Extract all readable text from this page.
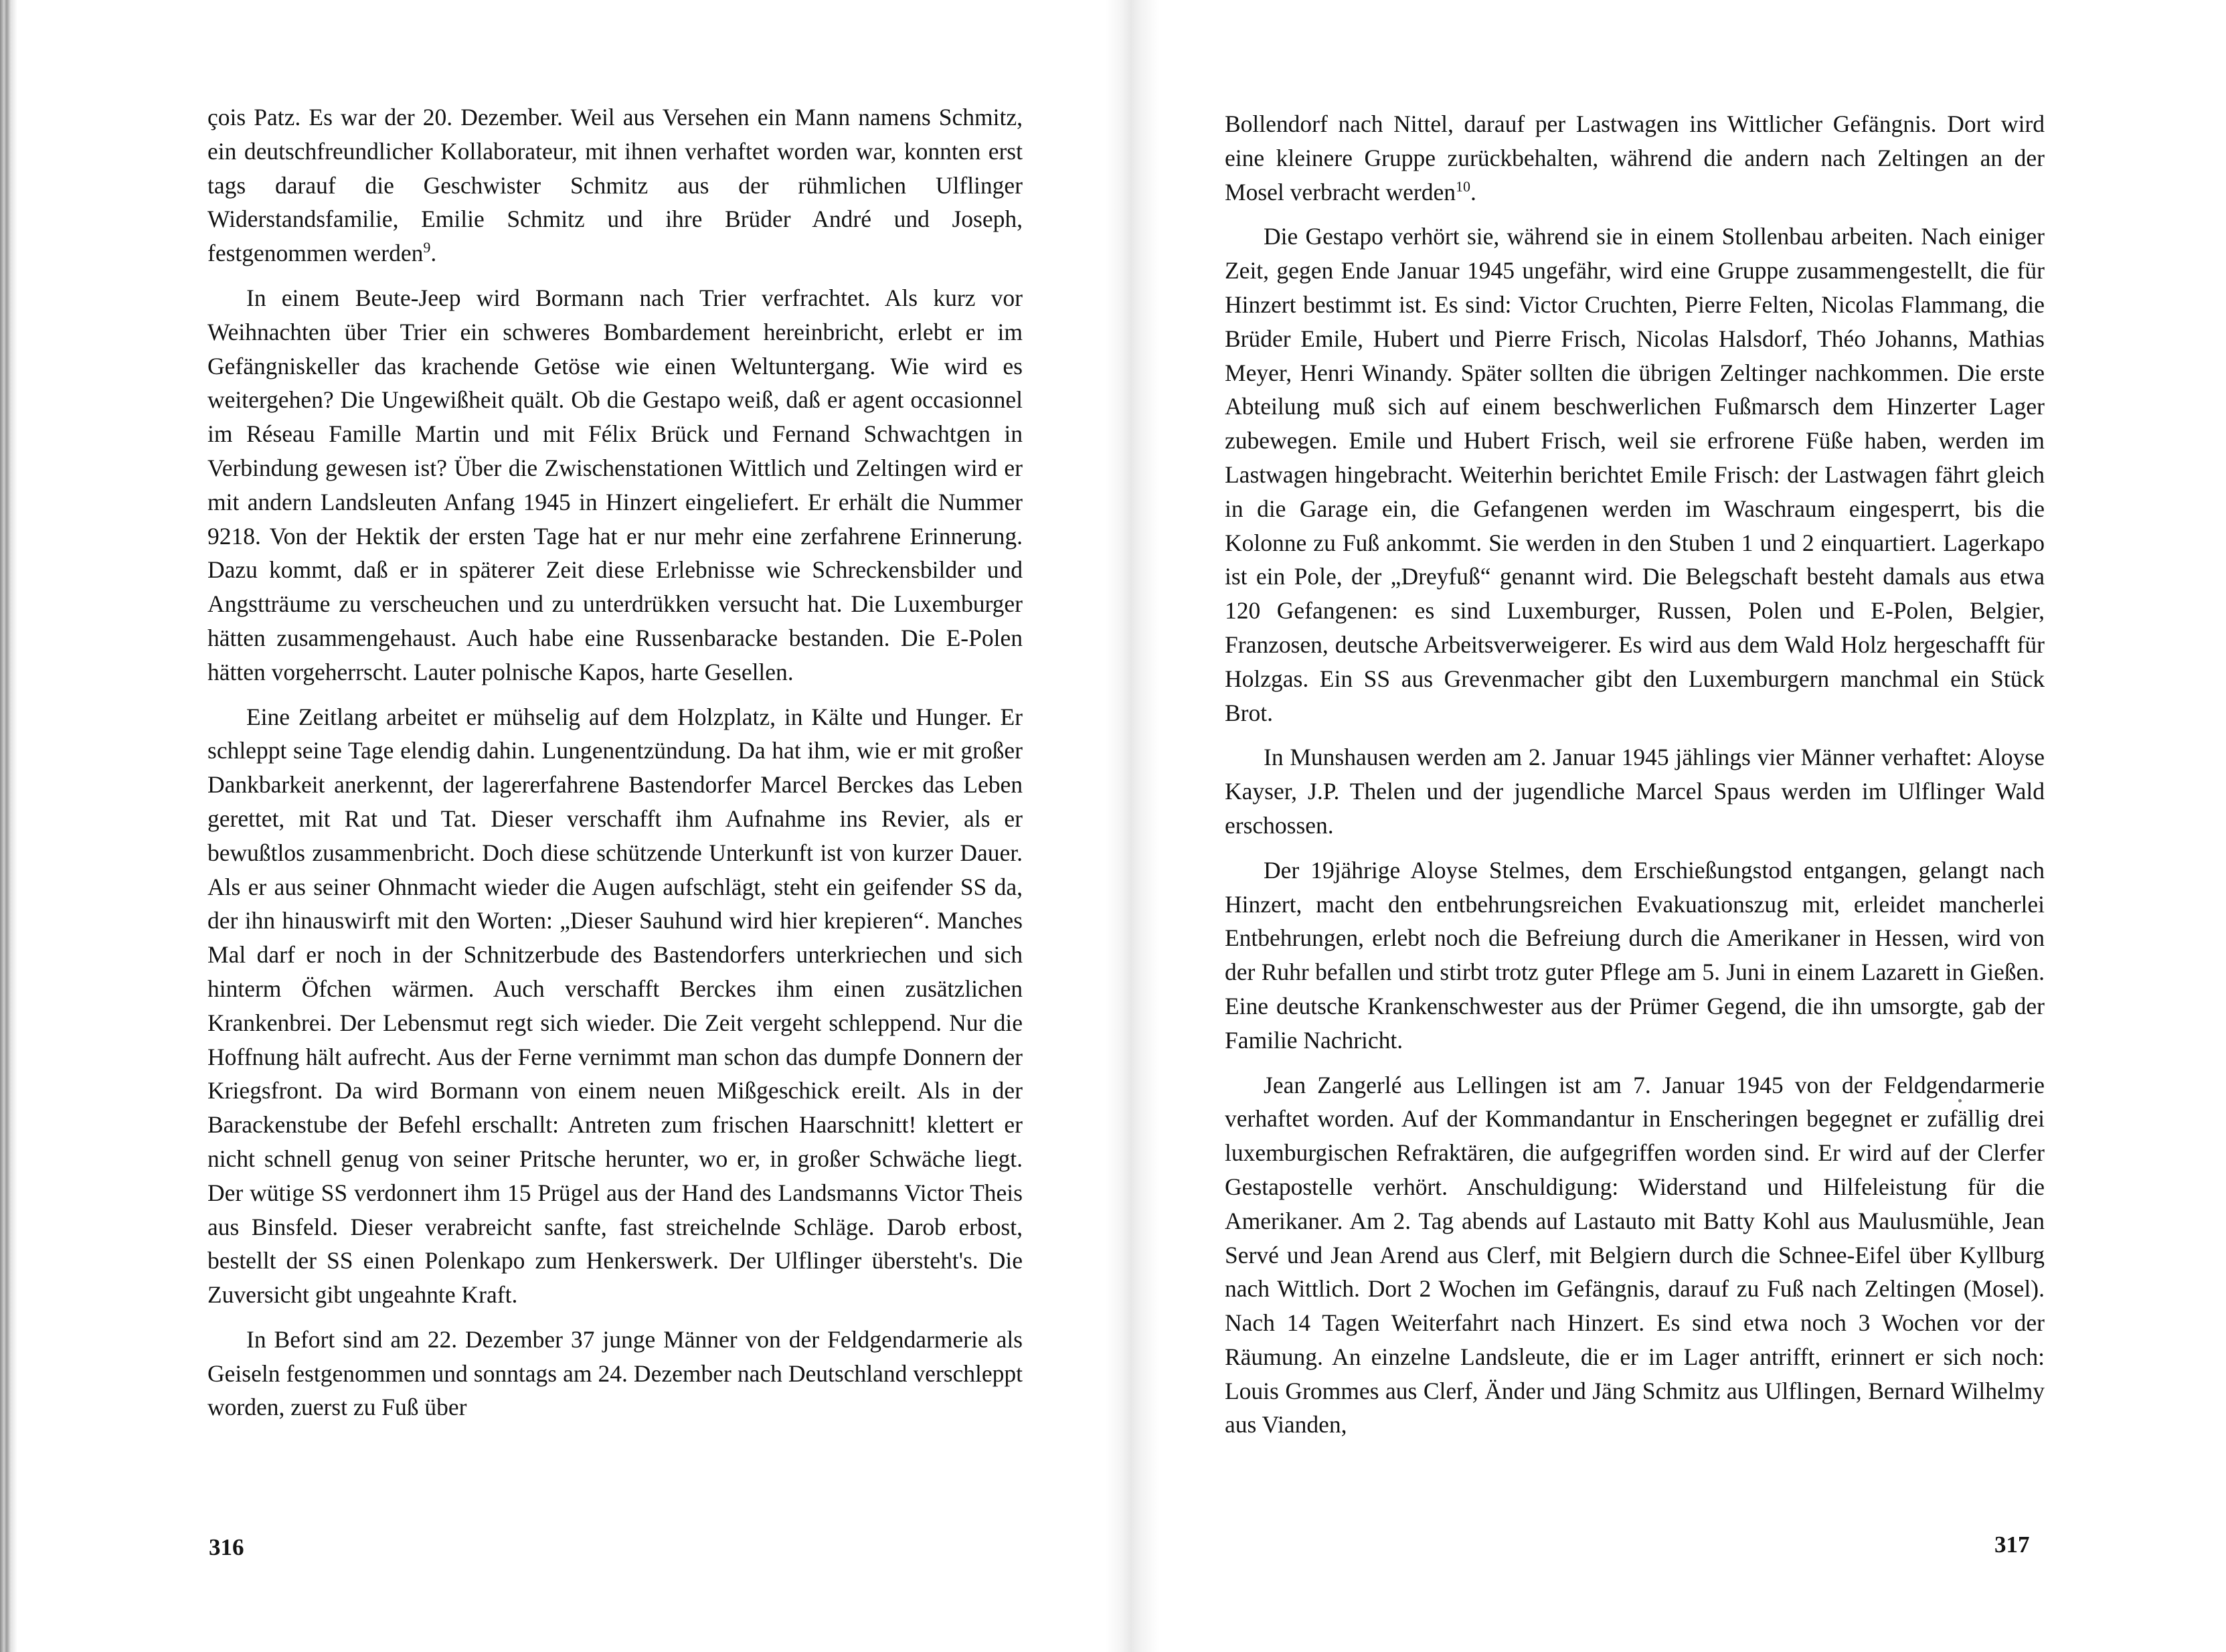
çois Patz. Es war der 20. Dezember. Weil aus Versehen ein Mann namens Schmitz, ein deutschfreundlicher Kollaborateur, mit ihnen verhaftet worden war, konnten erst tags darauf die Geschwister Schmitz aus der rühmlichen Ulflinger Widerstandsfamilie, Emilie Schmitz und ihre Brüder André und Joseph, festgenommen werden$^9$.

In einem Beute-Jeep wird Bormann nach Trier verfrachtet. Als kurz vor Weihnachten über Trier ein schweres Bombardement hereinbricht, erlebt er im Gefängniskeller das krachende Getöse wie einen Weltuntergang. Wie wird es weitergehen? Die Ungewißheit quält. Ob die Gestapo weiß, daß er agent occasionnel im Réseau Famille Martin und mit Félix Brück und Fernand Schwachtgen in Verbindung gewesen ist? Über die Zwischenstationen Wittlich und Zeltingen wird er mit andern Landsleuten Anfang 1945 in Hinzert eingeliefert. Er erhält die Nummer 9218. Von der Hektik der ersten Tage hat er nur mehr eine zerfahrene Erinnerung. Dazu kommt, daß er in späterer Zeit diese Erlebnisse wie Schreckensbilder und Angstträume zu verscheuchen und zu unterdrükken versucht hat. Die Luxemburger hätten zusammengehaust. Auch habe eine Russenbaracke bestanden. Die E-Polen hätten vorgeherrscht. Lauter polnische Kapos, harte Gesellen.

Eine Zeitlang arbeitet er mühselig auf dem Holzplatz, in Kälte und Hunger. Er schleppt seine Tage elendig dahin. Lungenentzündung. Da hat ihm, wie er mit großer Dankbarkeit anerkennt, der lagererfahrene Bastendorfer Marcel Berckes das Leben gerettet, mit Rat und Tat. Dieser verschafft ihm Aufnahme ins Revier, als er bewußtlos zusammenbricht. Doch diese schützende Unterkunft ist von kurzer Dauer. Als er aus seiner Ohnmacht wieder die Augen aufschlägt, steht ein geifender SS da, der ihn hinauswirft mit den Worten: „Dieser Sauhund wird hier krepieren“. Manches Mal darf er noch in der Schnitzerbude des Bastendorfers unterkriechen und sich hinterm Öfchen wärmen. Auch verschafft Berckes ihm einen zusätzlichen Krankenbrei. Der Lebensmut regt sich wieder. Die Zeit vergeht schleppend. Nur die Hoffnung hält aufrecht. Aus der Ferne vernimmt man schon das dumpfe Donnern der Kriegsfront. Da wird Bormann von einem neuen Mißgeschick ereilt. Als in der Barackenstube der Befehl erschallt: Antreten zum frischen Haarschnitt! klettert er nicht schnell genug von seiner Pritsche herunter, wo er, in großer Schwäche liegt. Der wütige SS verdonnert ihm 15 Prügel aus der Hand des Landsmanns Victor Theis aus Binsfeld. Dieser verabreicht sanfte, fast streichelnde Schläge. Darob erbost, bestellt der SS einen Polenkapo zum Henkerswerk. Der Ulflinger übersteht's. Die Zuversicht gibt ungeahnte Kraft.

In Befort sind am 22. Dezember 37 junge Männer von der Feldgendarmerie als Geiseln festgenommen und sonntags am 24. Dezember nach Deutschland verschleppt worden, zuerst zu Fuß über

316

Bollendorf nach Nittel, darauf per Lastwagen ins Wittlicher Gefängnis. Dort wird eine kleinere Gruppe zurückbehalten, während die andern nach Zeltingen an der Mosel verbracht werden$^{10}$.

Die Gestapo verhört sie, während sie in einem Stollenbau arbeiten. Nach einiger Zeit, gegen Ende Januar 1945 ungefähr, wird eine Gruppe zusammengestellt, die für Hinzert bestimmt ist. Es sind: Victor Cruchten, Pierre Felten, Nicolas Flammang, die Brüder Emile, Hubert und Pierre Frisch, Nicolas Halsdorf, Théo Johanns, Mathias Meyer, Henri Winandy. Später sollten die übrigen Zeltinger nachkommen. Die erste Abteilung muß sich auf einem beschwerlichen Fußmarsch dem Hinzerter Lager zubewegen. Emile und Hubert Frisch, weil sie erfrorene Füße haben, werden im Lastwagen hingebracht. Weiterhin berichtet Emile Frisch: der Lastwagen fährt gleich in die Garage ein, die Gefangenen werden im Waschraum eingesperrt, bis die Kolonne zu Fuß ankommt. Sie werden in den Stuben 1 und 2 einquartiert. Lagerkapo ist ein Pole, der „Dreyfuß“ genannt wird. Die Belegschaft besteht damals aus etwa 120 Gefangenen: es sind Luxemburger, Russen, Polen und E-Polen, Belgier, Franzosen, deutsche Arbeitsverweigerer. Es wird aus dem Wald Holz hergeschafft für Holzgas. Ein SS aus Grevenmacher gibt den Luxemburgern manchmal ein Stück Brot.

In Munshausen werden am 2. Januar 1945 jählings vier Männer verhaftet: Aloyse Kayser, J.P. Thelen und der jugendliche Marcel Spaus werden im Ulflinger Wald erschossen.

Der 19jährige Aloyse Stelmes, dem Erschießungstod entgangen, gelangt nach Hinzert, macht den entbehrungsreichen Evakuationszug mit, erleidet mancherlei Entbehrungen, erlebt noch die Befreiung durch die Amerikaner in Hessen, wird von der Ruhr befallen und stirbt trotz guter Pflege am 5. Juni in einem Lazarett in Gießen. Eine deutsche Krankenschwester aus der Prümer Gegend, die ihn umsorgte, gab der Familie Nachricht.

Jean Zangerlé aus Lellingen ist am 7. Januar 1945 von der Feldgendarmerie verhaftet worden. Auf der Kommandantur in Enscheringen begegnet er zufällig drei luxemburgischen Refraktären, die aufgegriffen worden sind. Er wird auf der Clerfer Gestapostelle verhört. Anschuldigung: Widerstand und Hilfeleistung für die Amerikaner. Am 2. Tag abends auf Lastauto mit Batty Kohl aus Maulusmühle, Jean Servé und Jean Arend aus Clerf, mit Belgiern durch die Schnee-Eifel über Kyllburg nach Wittlich. Dort 2 Wochen im Gefängnis, darauf zu Fuß nach Zeltingen (Mosel). Nach 14 Tagen Weiterfahrt nach Hinzert. Es sind etwa noch 3 Wochen vor der Räumung. An einzelne Landsleute, die er im Lager antrifft, erinnert er sich noch: Louis Grommes aus Clerf, Änder und Jäng Schmitz aus Ulflingen, Bernard Wilhelmy aus Vianden,

317
